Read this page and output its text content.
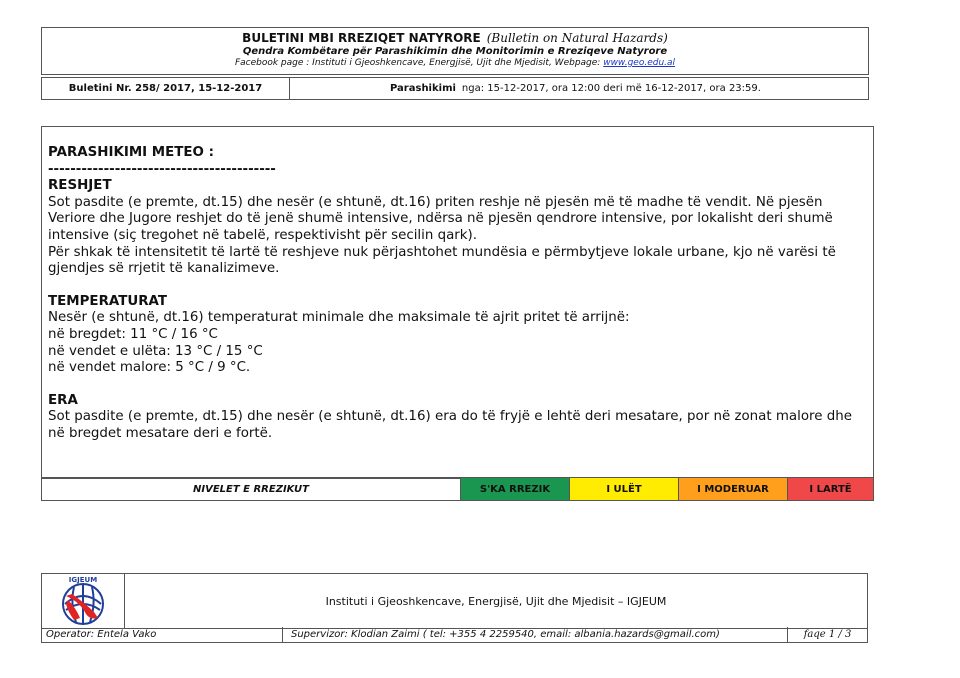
BULETINI MBI RREZIQET NATYRORE (Bulletin on Natural Hazards)
Qendra Kombëtare për Parashikimin dhe Monitorimin e Rreziqeve Natyrore
Facebook page : Instituti i Gjeoshkencave, Energjisë, Ujit dhe Mjedisit, Webpage: www.geo.edu.al
Buletini Nr. 258/ 2017, 15-12-2017	Parashikimi nga: 15-12-2017, ora 12:00 deri më 16-12-2017, ora 23:59.

PARASHIKIMI METEO :

-----------------------------------------

RESHJET

Sot pasdite (e premte, dt.15) dhe nesër (e shtunë, dt.16) priten reshje në pjesën më të madhe të vendit. Në pjesën Veriore dhe Jugore reshjet do të jenë shumë intensive, ndërsa në pjesën qendrore intensive, por lokalisht deri shumë intensive (siç tregohet në tabelë, respektivisht për secilin qark).

Për shkak të intensitetit të lartë të reshjeve nuk përjashtohet mundësia e përmbytjeve lokale urbane, kjo në varësi të gjendjes së rrjetit të kanalizimeve.

TEMPERATURAT

Nesër (e shtunë, dt.16) temperaturat minimale dhe maksimale të ajrit pritet të arrijnë:

në bregdet: 11 °C / 16 °C

në vendet e ulëta: 13 °C / 15 °C

në vendet malore: 5 °C / 9 °C.

ERA

Sot pasdite (e premte, dt.15) dhe nesër (e shtunë, dt.16) era do të fryjë e lehtë deri mesatare, por në zonat malore dhe në bregdet mesatare deri e fortë.

NIVELET E RREZIKUT	S'KA RREZIK	I ULËT	I MODERUAR	I LARTË
IGJEUM
Instituti i Gjeoshkencave, Energjisë, Ujit dhe Mjedisit – IGJEUM
Operator: Entela Vako	Supervizor: Klodian Zaimi ( tel: +355 4 2259540, email: albania.hazards@gmail.com)	faqe 1 / 3
